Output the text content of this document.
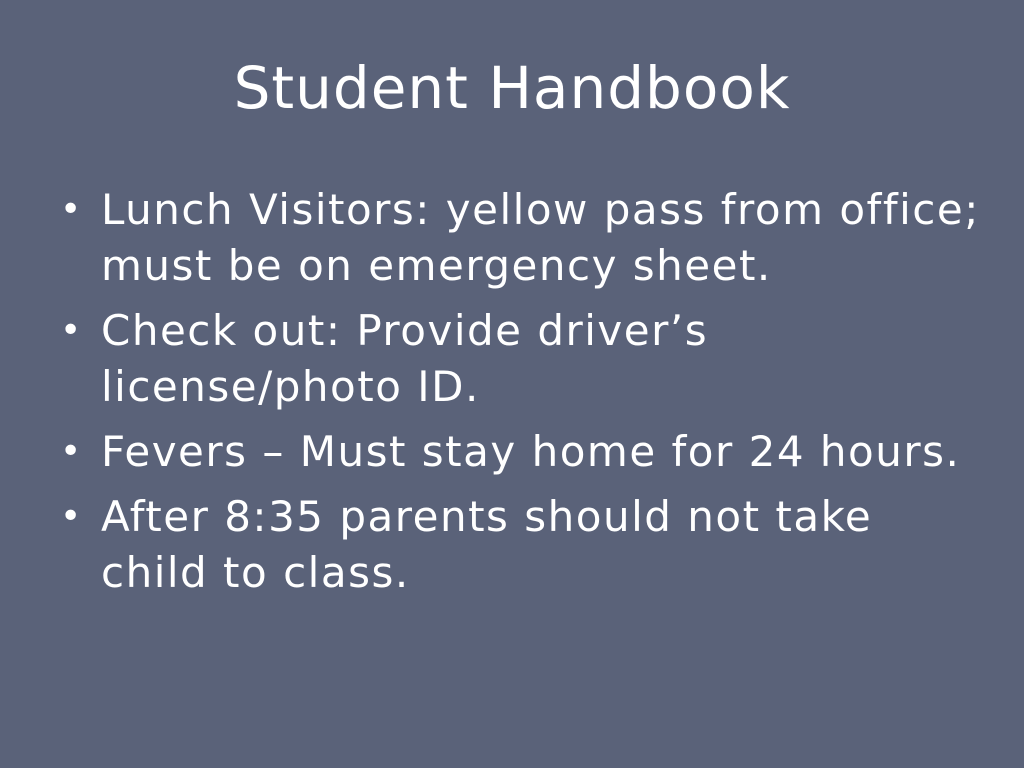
Student Handbook
• Lunch Visitors: yellow pass from office; must be on emergency sheet.
• Check out: Provide driver’s license/photo ID.
• Fevers – Must stay home for 24 hours.
• After 8:35 parents should not take child to class.
